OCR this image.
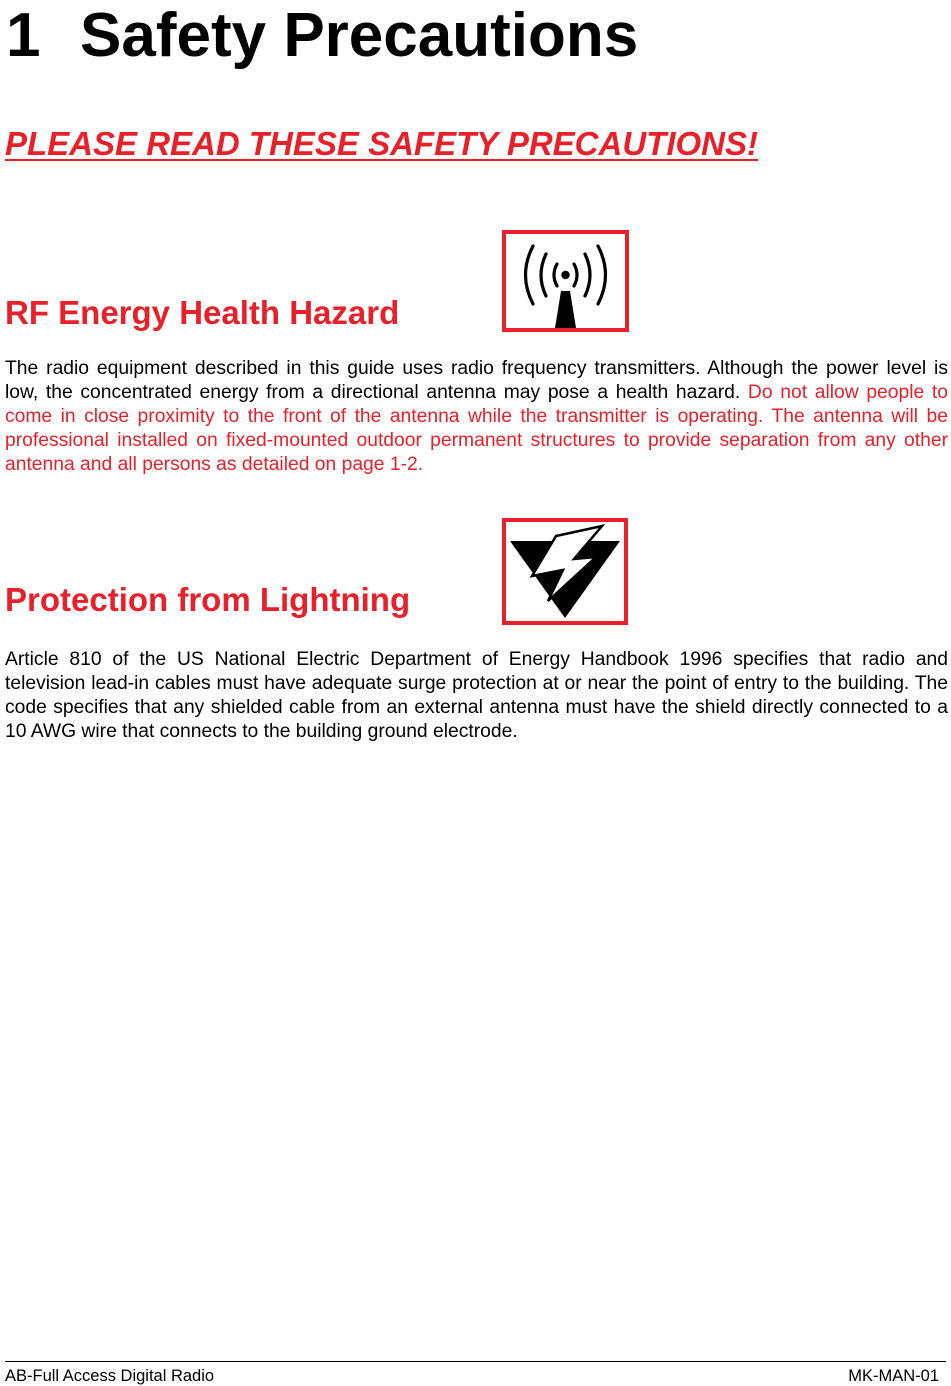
1 Safety Precautions
PLEASE READ THESE SAFETY PRECAUTIONS!
RF Energy Health Hazard

The radio equipment described in this guide uses radio frequency transmitters. Although the power level is low, the concentrated energy from a directional antenna may pose a health hazard. Do not allow people to come in close proximity to the front of the antenna while the transmitter is operating. The antenna will be professional installed on fixed-mounted outdoor permanent structures to provide separation from any other antenna and all persons as detailed on page 1-2.

Protection from Lightning

Article 810 of the US National Electric Department of Energy Handbook 1996 specifies that radio and television lead-in cables must have adequate surge protection at or near the point of entry to the building. The code specifies that any shielded cable from an external antenna must have the shield directly connected to a 10 AWG wire that connects to the building ground electrode.

AB-Full Access Digital Radio	MK-MAN-01
